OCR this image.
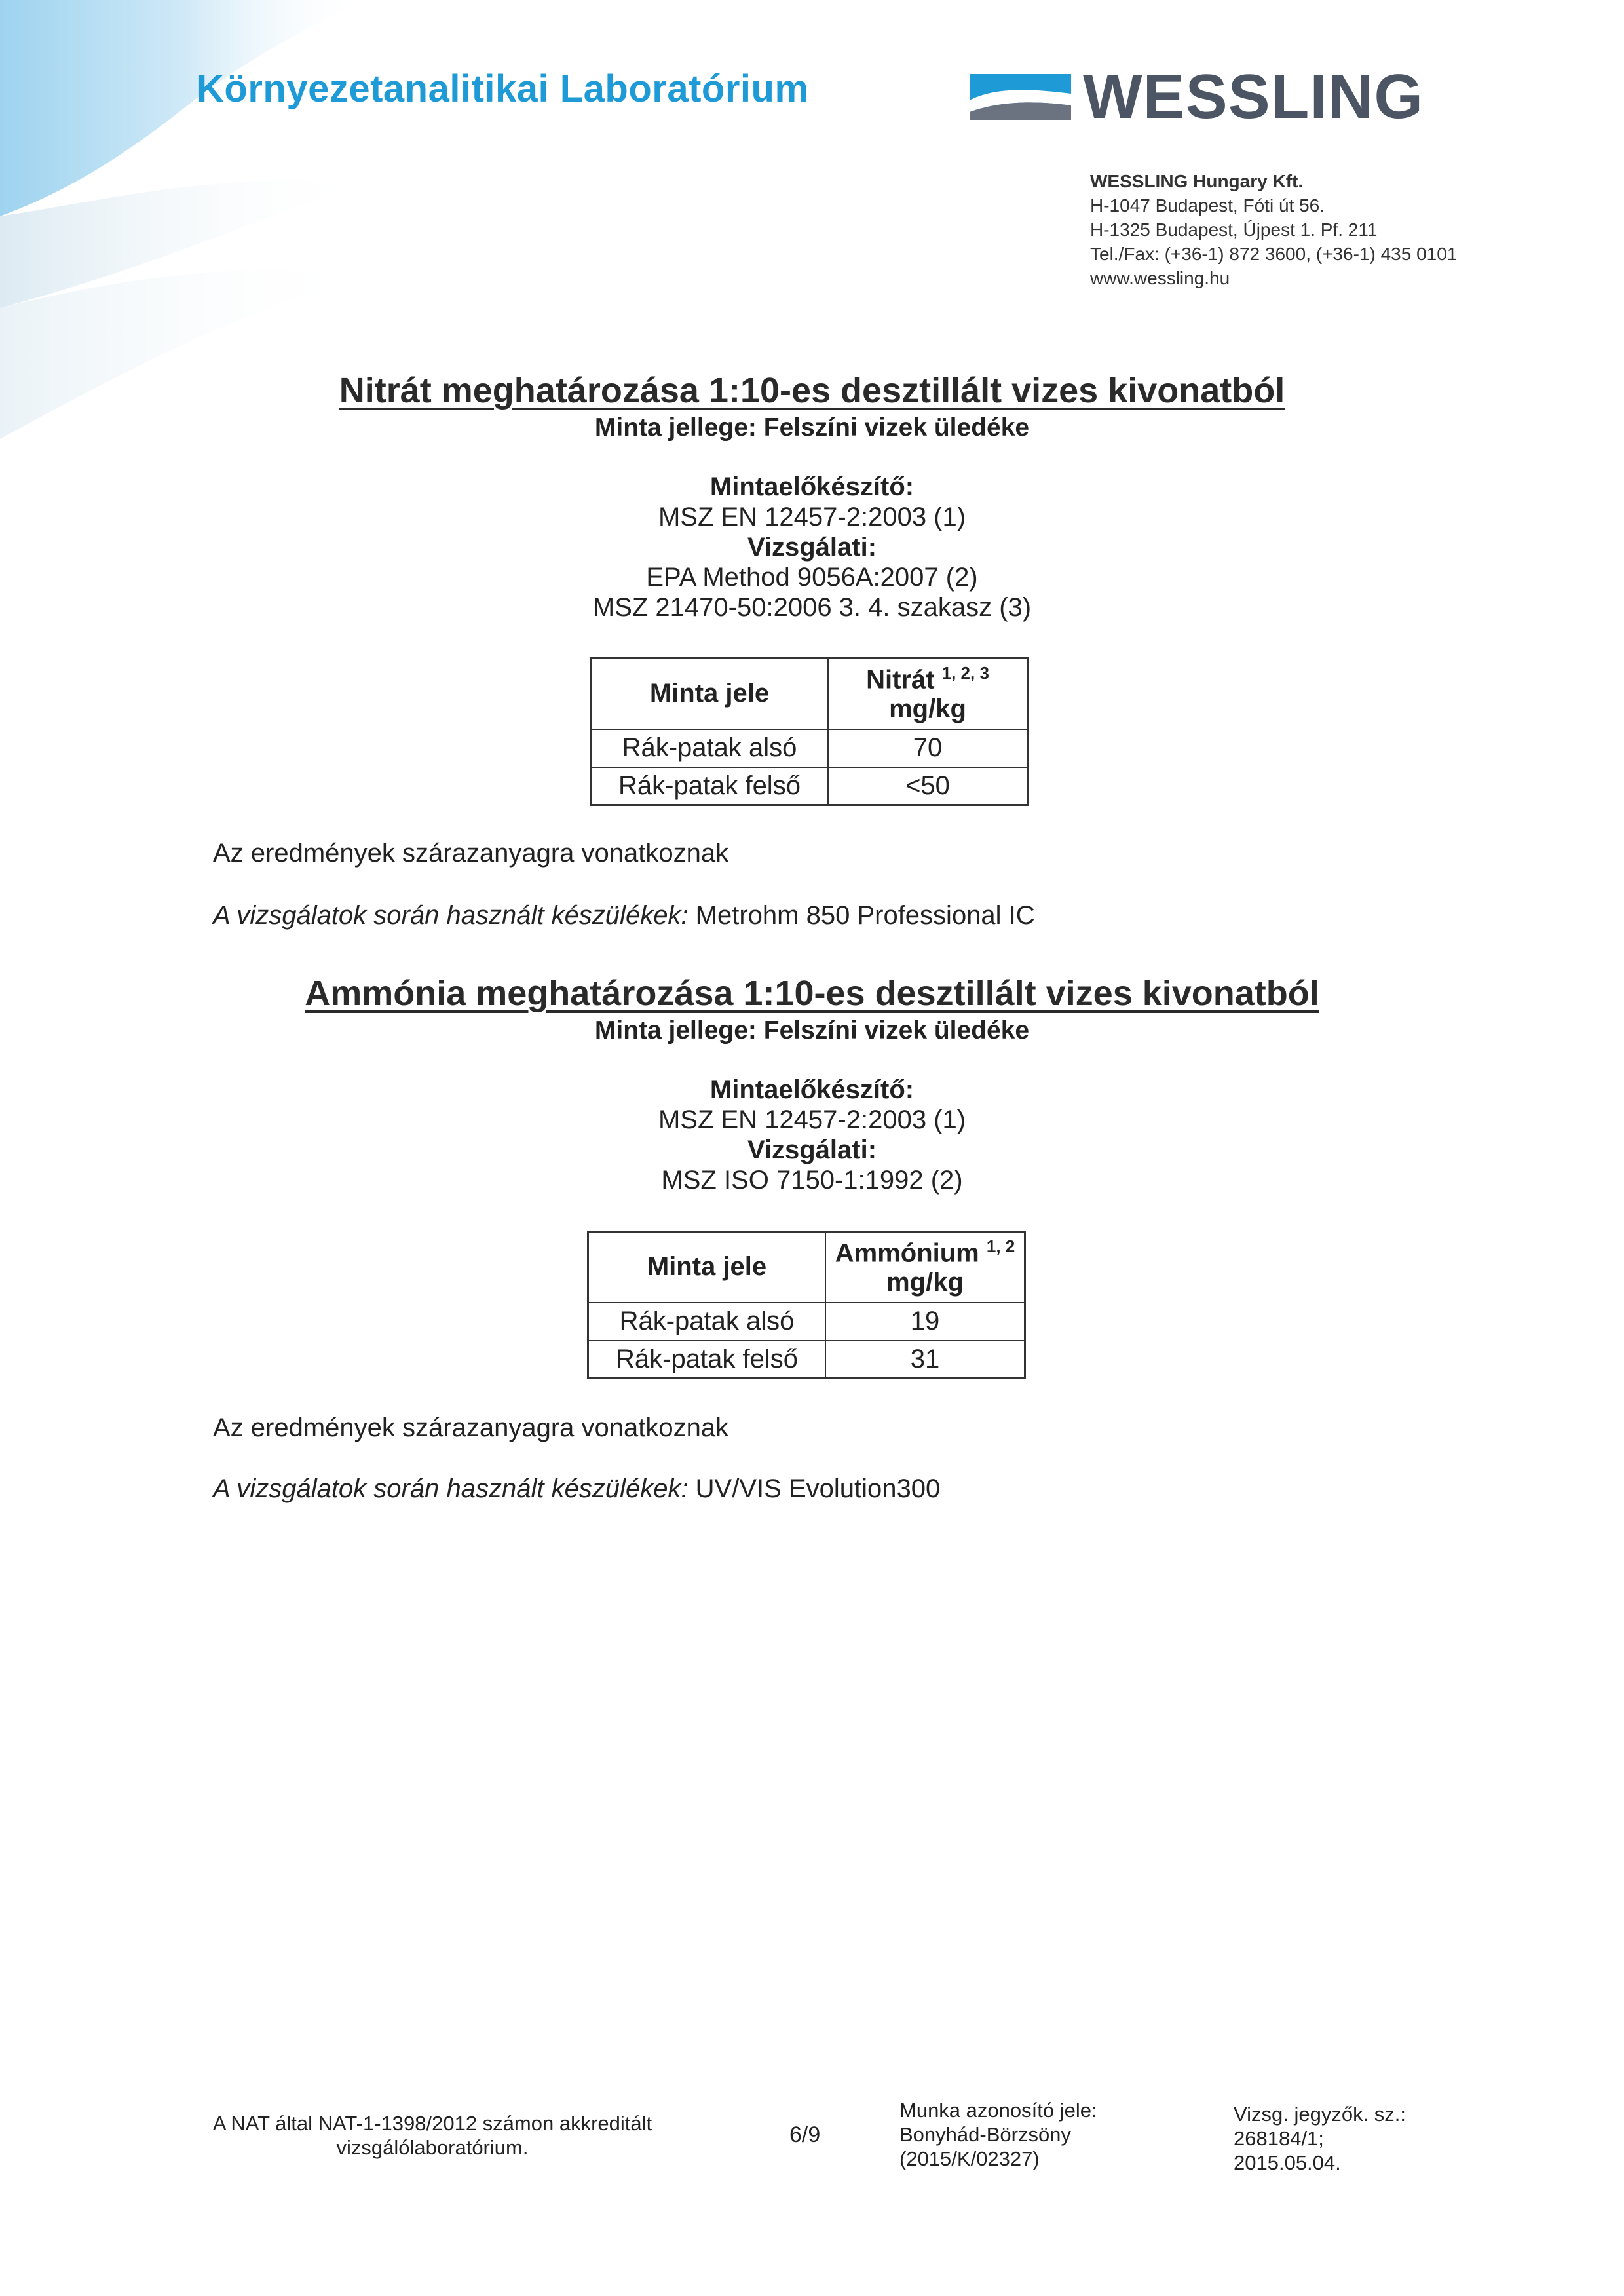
Környezetanalitikai Laboratórium	WESSLING
WESSLING Hungary Kft.
H-1047 Budapest, Fóti út 56.
H-1325 Budapest, Újpest 1. Pf. 211
Tel./Fax: (+36-1) 872 3600, (+36-1) 435 0101
www.wessling.hu
Nitrát meghatározása 1:10-es desztillált vizes kivonatból
Minta jellege: Felszíni vizek üledéke
Mintaelőkészítő:
MSZ EN 12457-2:2003 (1)
Vizsgálati:
EPA Method 9056A:2007 (2)
MSZ 21470-50:2006 3. 4. szakasz (3)
Minta jele	Nitrát $^{1, 2, 3}$
mg/kg
Rák-patak alsó	70
Rák-patak felső	<50
Az eredmények szárazanyagra vonatkoznak
A vizsgálatok során használt készülékek: Metrohm 850 Professional IC
Ammónia meghatározása 1:10-es desztillált vizes kivonatból
Minta jellege: Felszíni vizek üledéke
Mintaelőkészítő:
MSZ EN 12457-2:2003 (1)
Vizsgálati:
MSZ ISO 7150-1:1992 (2)
Minta jele	Ammónium $^{1, 2}$
mg/kg
Rák-patak alsó	19
Rák-patak felső	31
Az eredmények szárazanyagra vonatkoznak
A vizsgálatok során használt készülékek: UV/VIS Evolution300
A NAT által NAT-1-1398/2012 számon akkreditált
vizsgálólaboratórium.
6/9
Munka azonosító jele:
Bonyhád-Börzsöny
(2015/K/02327)
Vizsg. jegyzők. sz.:
268184/1;
2015.05.04.
